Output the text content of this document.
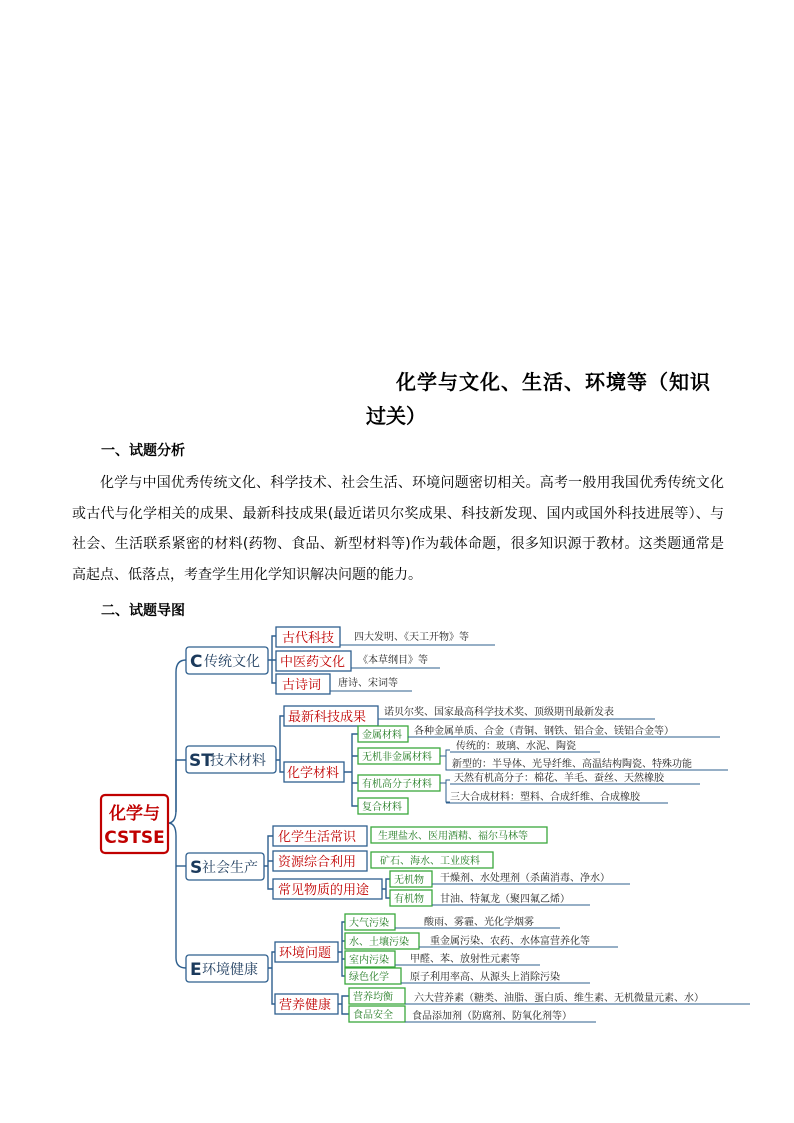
化学与文化、生活、环境等（知识
过关）
一、试题分析
化学与中国优秀传统文化、科学技术、社会生活、环境问题密切相关。高考一般用我国优秀传统文化或古代与化学相关的成果、最新科技成果(最近诺贝尔奖成果、科技新发现、国内或国外科技进展等）、与社会、生活联系紧密的材料(药物、食品、新型材料等)作为载体命题，很多知识源于教材。这类题通常是高起点、低落点，考查学生用化学知识解决问题的能力。
二、试题导图
化学与
CSTSE
C 传统文化
古代科技 四大发明、《天工开物》等
中医药文化 《本草纲目》等
古诗词 唐诗、宋词等
ST
技术材料
最新科技成果 诺贝尔奖、国家最高科学技术奖、顶级期刊最新发表
化学材料
金属材料 各种金属单质、合金（青铜、钢铁、铝合金、镁铝合金等）
无机非金属材料
传统的：玻璃、水泥、陶瓷
新型的：半导体、光导纤维、高温结构陶瓷、特殊功能
有机高分子材料
天然有机高分子：棉花、羊毛、蚕丝、天然橡胶
三大合成材料：塑料、合成纤维、合成橡胶
复合材料
S 社会生产
化学生活常识 生理盐水、医用酒精、福尔马林等
资源综合利用 矿石、海水、工业废料
常见物质的用途
无机物 干燥剂、水处理剂（杀菌消毒、净水）
有机物 甘油、特氟龙（聚四氟乙烯）
E 环境健康
环境问题
营养健康
大气污染	酸雨、雾霾、光化学烟雾
水、土壤污染 重金属污染、农药、水体富营养化等
室内污染 甲醛、苯、放射性元素等
绿色化学 原子利用率高、从源头上消除污染
营养均衡 六大营养素（糖类、油脂、蛋白质、维生素、无机微量元素、水）
食品安全 食品添加剂（防腐剂、防氧化剂等）
